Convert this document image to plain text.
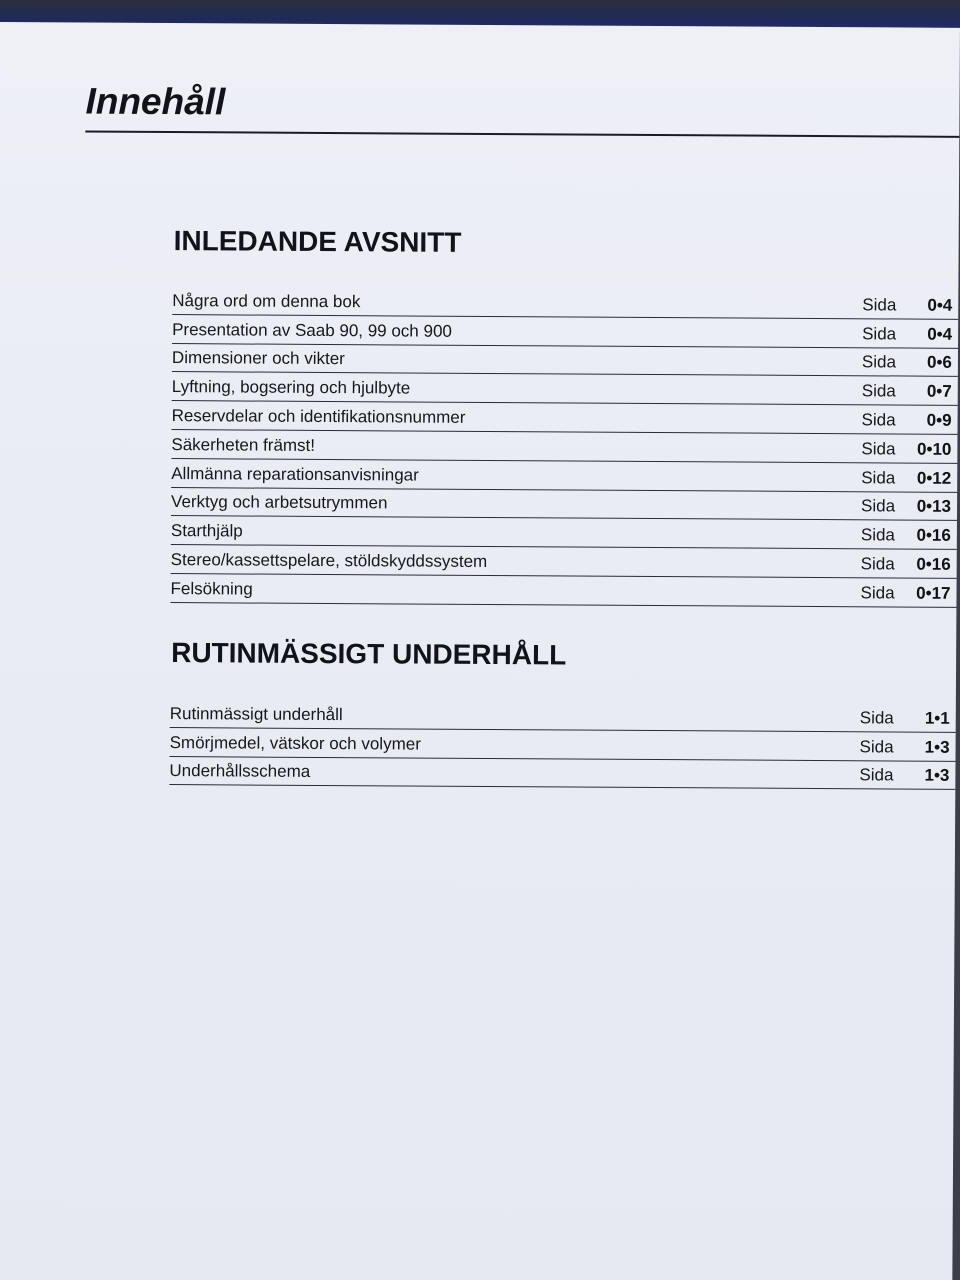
Innehåll
INLEDANDE AVSNITT
Några ord om denna bok	Sida 0•4
Presentation av Saab 90, 99 och 900	Sida 0•4
Dimensioner och vikter	Sida 0•6
Lyftning, bogsering och hjulbyte	Sida 0•7
Reservdelar och identifikationsnummer	Sida 0•9
Säkerheten främst!	Sida 0•10
Allmänna reparationsanvisningar	Sida 0•12
Verktyg och arbetsutrymmen	Sida 0•13
Starthjälp	Sida 0•16
Stereo/kassettspelare, stöldskyddssystem	Sida 0•16
Felsökning	Sida 0•17
RUTINMÄSSIGT UNDERHÅLL
Rutinmässigt underhåll	Sida 1•1
Smörjmedel, vätskor och volymer	Sida 1•3
Underhållsschema	Sida 1•3
